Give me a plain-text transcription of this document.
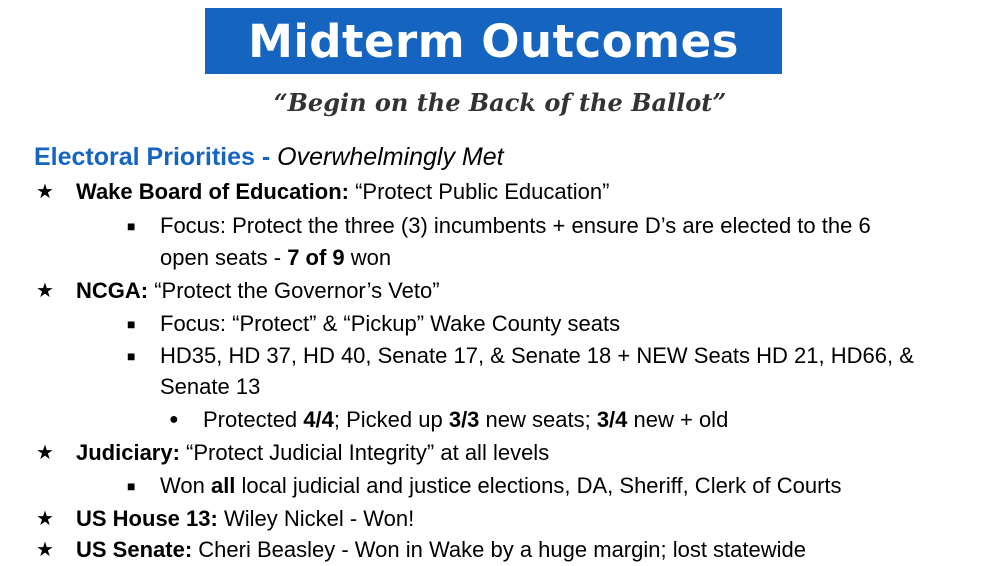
Midterm Outcomes
“Begin on the Back of the Ballot”
Electoral Priorities - Overwhelmingly Met
★ Wake Board of Education: “Protect Public Education”
■ Focus: Protect the three (3) incumbents + ensure D’s are elected to the 6
open seats - 7 of 9 won
★ NCGA: “Protect the Governor’s Veto”
■ Focus: “Protect” & “Pickup” Wake County seats
■ HD35, HD 37, HD 40, Senate 17, & Senate 18 + NEW Seats HD 21, HD66, &
Senate 13
● Protected 4/4; Picked up 3/3 new seats; 3/4 new + old
★ Judiciary: “Protect Judicial Integrity” at all levels
■ Won all local judicial and justice elections, DA, Sheriff, Clerk of Courts
★ US House 13: Wiley Nickel - Won!
★ US Senate: Cheri Beasley - Won in Wake by a huge margin; lost statewide
